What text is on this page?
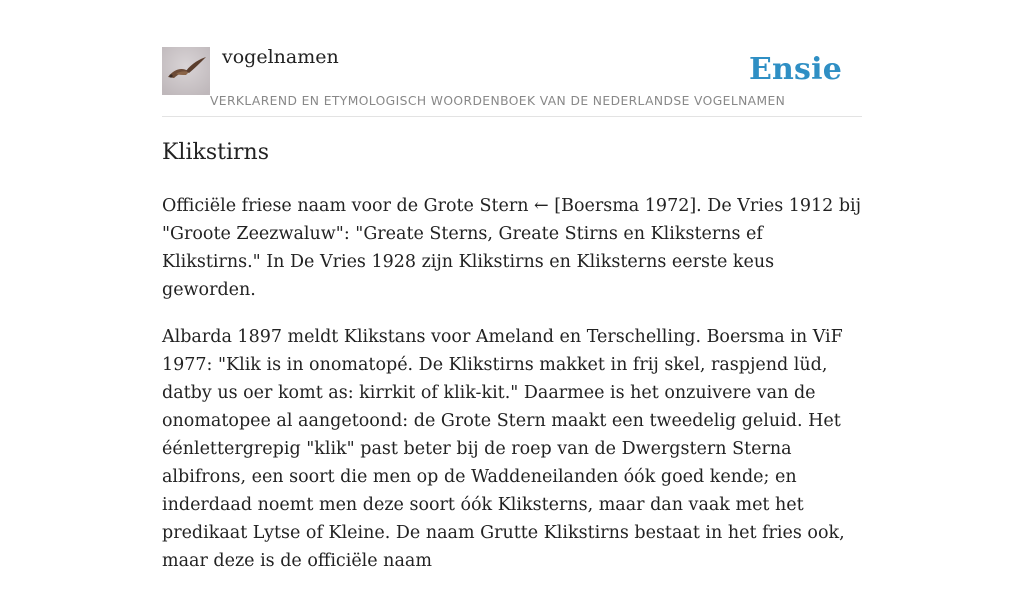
vogelnamen	Ensie
VERKLAREND EN ETYMOLOGISCH WOORDENBOEK VAN DE NEDERLANDSE VOGELNAMEN
Klikstirns

Officiële friese naam voor de Grote Stern ← [Boersma 1972]. De Vries 1912 bij "Groote Zeezwaluw": "Greate Sterns, Greate Stirns en Kliksterns ef Klikstirns." In De Vries 1928 zijn Klikstirns en Kliksterns eerste keus geworden.

Albarda 1897 meldt Klikstans voor Ameland en Terschelling. Boersma in ViF 1977: "Klik is in onomatopé. De Klikstirns makket in frij skel, raspjend lüd, datby us oer komt as: kirrkit of klik-kit." Daarmee is het onzuivere van de onomatopee al aangetoond: de Grote Stern maakt een tweedelig geluid. Het éénlettergrepig "klik" past beter bij de roep van de Dwergstern Sterna albifrons, een soort die men op de Waddeneilanden óók goed kende; en inderdaad noemt men deze soort óók Kliksterns, maar dan vaak met het predikaat Lytse of Kleine. De naam Grutte Klikstirns bestaat in het fries ook, maar deze is de officiële naam
